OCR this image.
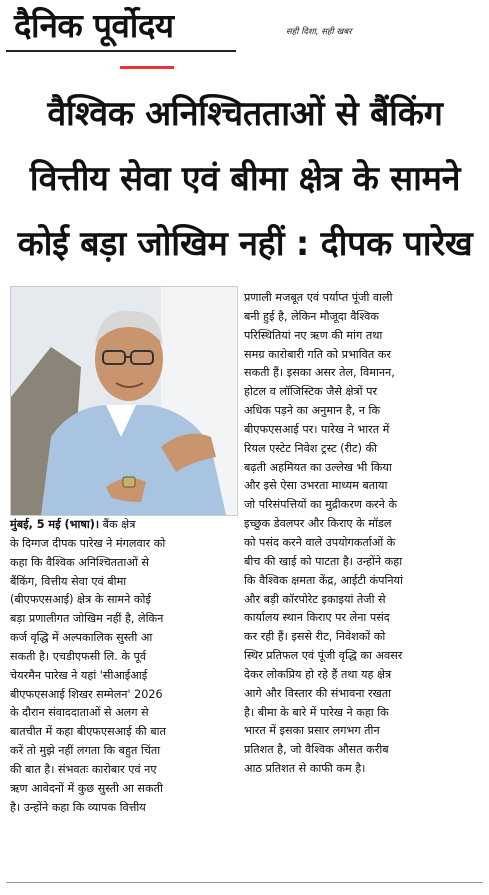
दैनिक पूर्वोदय	सही दिशा, सही खबर
वैश्विक अनिश्चितताओं से बैंकिंग
वित्तीय सेवा एवं बीमा क्षेत्र के सामने
कोई बड़ा जोखिम नहीं : दीपक पारेख
मुंबई, 5 मई (भाषा)। बैंक क्षेत्र
के दिग्गज दीपक पारेख ने मंगलवार को
कहा कि वैश्विक अनिश्चितताओं से
बैंकिंग, वित्तीय सेवा एवं बीमा
(बीएफएसआई) क्षेत्र के सामने कोई
बड़ा प्रणालीगत जोखिम नहीं है, लेकिन
कर्ज वृद्धि में अल्पकालिक सुस्ती आ
सकती है। एचडीएफसी लि. के पूर्व
चेयरमैन पारेख ने यहां 'सीआईआई
बीएफएसआई शिखर सम्मेलन' 2026
के दौरान संवाददाताओं से अलग से
बातचीत में कहा बीएफएसआई की बात
करें तो मुझे नहीं लगता कि बहुत चिंता
की बात है। संभवतः कारोबार एवं नए
ऋण आवेदनों में कुछ सुस्ती आ सकती
है। उन्होंने कहा कि व्यापक वित्तीय
प्रणाली मजबूत एवं पर्याप्त पूंजी वाली
बनी हुई है, लेकिन मौजूदा वैश्विक
परिस्थितियां नए ऋण की मांग तथा
समग्र कारोबारी गति को प्रभावित कर
सकती हैं। इसका असर तेल, विमानन,
होटल व लॉजिस्टिक जैसे क्षेत्रों पर
अधिक पड़ने का अनुमान है, न कि
बीएफएसआई पर। पारेख ने भारत में
रियल एस्टेट निवेश ट्रस्ट (रीट) की
बढ़ती अहमियत का उल्लेख भी किया
और इसे ऐसा उभरता माध्यम बताया
जो परिसंपत्तियों का मुद्रीकरण करने के
इच्छुक डेवलपर और किराए के मॉडल
को पसंद करने वाले उपयोगकर्ताओं के
बीच की खाई को पाटता है। उन्होंने कहा
कि वैश्विक क्षमता केंद्र, आईटी कंपनियां
और बड़ी कॉरपोरेट इकाइयां तेजी से
कार्यालय स्थान किराए पर लेना पसंद
कर रही हैं। इससे रीट, निवेशकों को
स्थिर प्रतिफल एवं पूंजी वृद्धि का अवसर
देकर लोकप्रिय हो रहे हैं तथा यह क्षेत्र
आगे और विस्तार की संभावना रखता
है। बीमा के बारे में पारेख ने कहा कि
भारत में इसका प्रसार लगभग तीन
प्रतिशत है, जो वैश्विक औसत करीब
आठ प्रतिशत से काफी कम है।
